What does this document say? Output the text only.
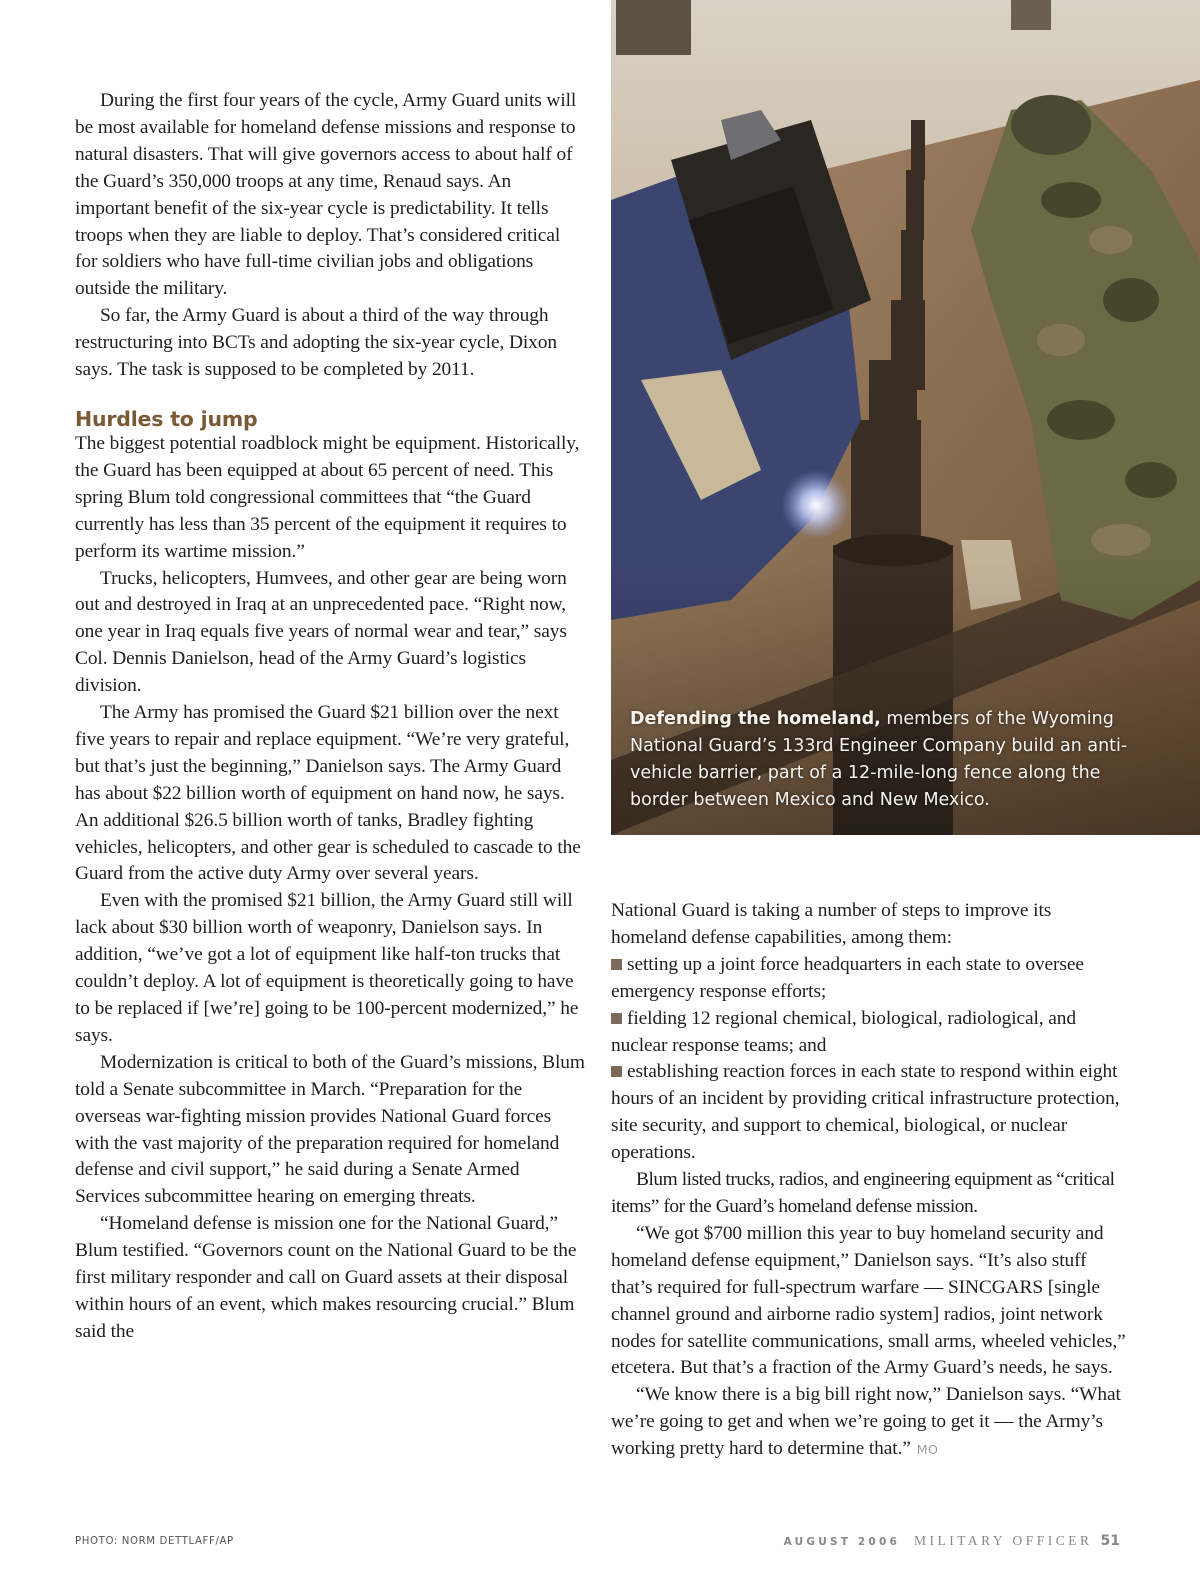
During the first four years of the cycle, Army Guard units will be most available for homeland defense missions and response to natural disasters. That will give governors access to about half of the Guard’s 350,000 troops at any time, Renaud says. An important benefit of the six-year cycle is predictability. It tells troops when they are liable to deploy. That’s considered critical for soldiers who have full-time civilian jobs and obligations outside the military.

So far, the Army Guard is about a third of the way through restructuring into BCTs and adopting the six-year cycle, Dixon says. The task is supposed to be completed by 2011.

Hurdles to jump

The biggest potential roadblock might be equipment. Historically, the Guard has been equipped at about 65 percent of need. This spring Blum told congressional committees that “the Guard currently has less than 35 percent of the equipment it requires to perform its wartime mission.”

Trucks, helicopters, Humvees, and other gear are being worn out and destroyed in Iraq at an unprecedented pace. “Right now, one year in Iraq equals five years of normal wear and tear,” says Col. Dennis Danielson, head of the Army Guard’s logistics division.

The Army has promised the Guard $21 billion over the next five years to repair and replace equipment. “We’re very grateful, but that’s just the beginning,” Danielson says. The Army Guard has about $22 billion worth of equipment on hand now, he says. An additional $26.5 billion worth of tanks, Bradley fighting vehicles, helicopters, and other gear is scheduled to cascade to the Guard from the active duty Army over several years.

Even with the promised $21 billion, the Army Guard still will lack about $30 billion worth of weaponry, Danielson says. In addition, “we’ve got a lot of equipment like half-ton trucks that couldn’t deploy. A lot of equipment is theoretically going to have to be replaced if [we’re] going to be 100-percent modernized,” he says.

Modernization is critical to both of the Guard’s missions, Blum told a Senate subcommittee in March. “Preparation for the overseas war-fighting mission provides National Guard forces with the vast majority of the preparation required for homeland defense and civil support,” he said during a Senate Armed Services subcommittee hearing on emerging threats.

“Homeland defense is mission one for the National Guard,” Blum testified. “Governors count on the National Guard to be the first military responder and call on Guard assets at their disposal within hours of an event, which makes resourcing crucial.” Blum said the

Defending the homeland, members of the Wyoming National Guard’s 133rd Engineer Company build an anti-vehicle barrier, part of a 12-mile-long fence along the border between Mexico and New Mexico.

National Guard is taking a number of steps to improve its homeland defense capabilities, among them:

setting up a joint force headquarters in each state to oversee emergency response efforts;

fielding 12 regional chemical, biological, radiological, and nuclear response teams; and

establishing reaction forces in each state to respond within eight hours of an incident by providing critical infrastructure protection, site security, and support to chemical, biological, or nuclear operations.

Blum listed trucks, radios, and engineering equipment as “critical items” for the Guard’s homeland defense mission.

“We got $700 million this year to buy homeland security and homeland defense equipment,” Danielson says. “It’s also stuff that’s required for full-spectrum warfare — SINCGARS [single channel ground and airborne radio system] radios, joint network nodes for satellite communications, small arms, wheeled vehicles,” etcetera. But that’s a fraction of the Army Guard’s needs, he says.

“We know there is a big bill right now,” Danielson says. “What we’re going to get and when we’re going to get it — the Army’s working pretty hard to determine that.” MO

PHOTO: NORM DETTLAFF/AP	AUGUST 2006 MILITARY OFFICER 51
